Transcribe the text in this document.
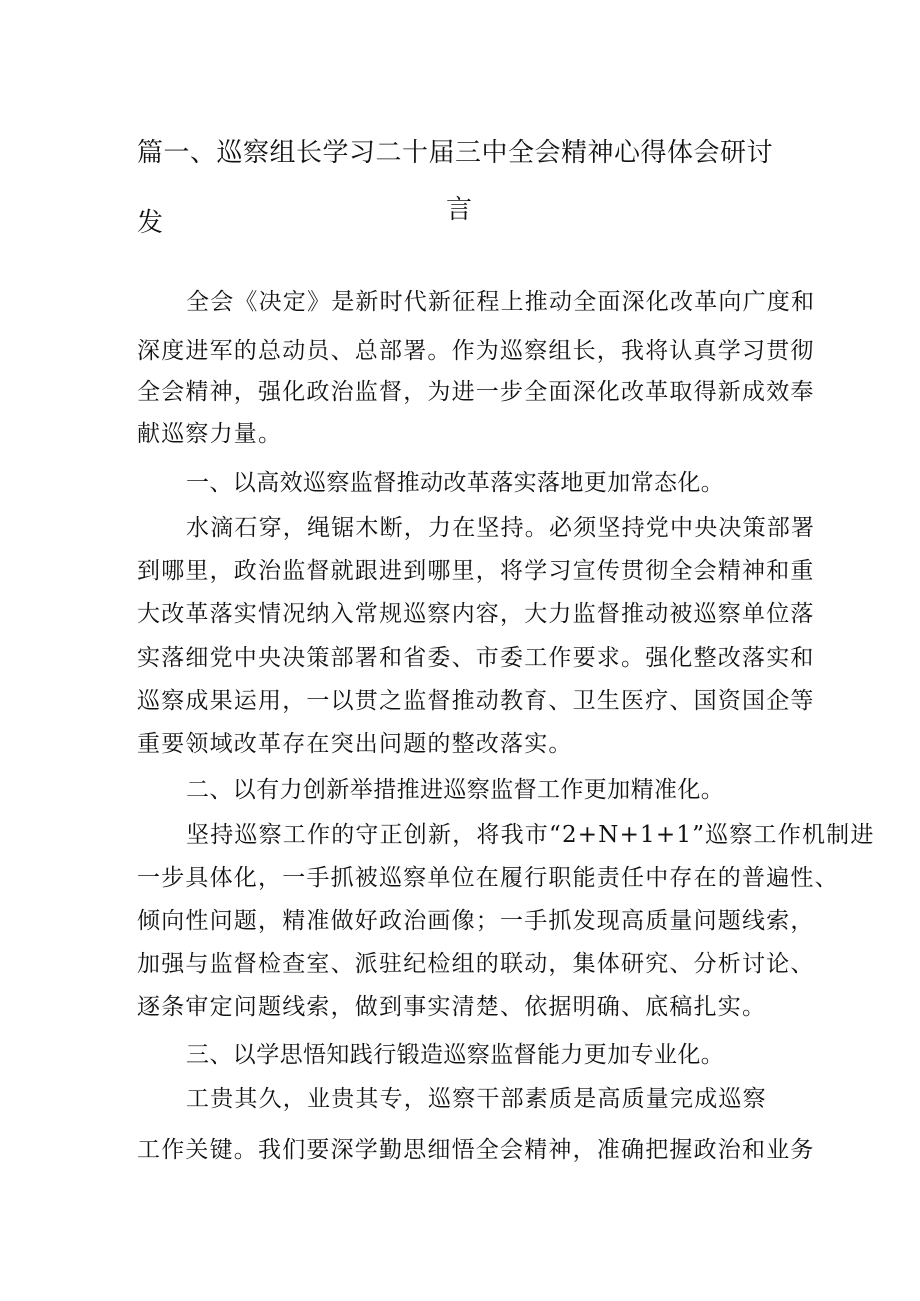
篇一、巡察组长学习二十届三中全会精神心得体会研讨发	言
全会《决定》是新时代新征程上推动全面深化改革向广度和
深度进军的总动员、总部署。作为巡察组长，我将认真学习贯彻
全会精神，强化政治监督，为进一步全面深化改革取得新成效奉
献巡察力量。
一、以高效巡察监督推动改革落实落地更加常态化。
水滴石穿，绳锯木断，力在坚持。必须坚持党中央决策部署
到哪里，政治监督就跟进到哪里，将学习宣传贯彻全会精神和重
大改革落实情况纳入常规巡察内容，大力监督推动被巡察单位落
实落细党中央决策部署和省委、市委工作要求。强化整改落实和
巡察成果运用，一以贯之监督推动教育、卫生医疗、国资国企等
重要领域改革存在突出问题的整改落实。
二、以有力创新举措推进巡察监督工作更加精准化。
坚持巡察工作的守正创新，将我市“2+N+1+1”巡察工作机制进
一步具体化，一手抓被巡察单位在履行职能责任中存在的普遍性、
倾向性问题，精准做好政治画像；一手抓发现高质量问题线索，
加强与监督检查室、派驻纪检组的联动，集体研究、分析讨论、
逐条审定问题线索，做到事实清楚、依据明确、底稿扎实。
三、以学思悟知践行锻造巡察监督能力更加专业化。
工贵其久，业贵其专，巡察干部素质是高质量完成巡察
工作关键。我们要深学勤思细悟全会精神，准确把握政治和业务
